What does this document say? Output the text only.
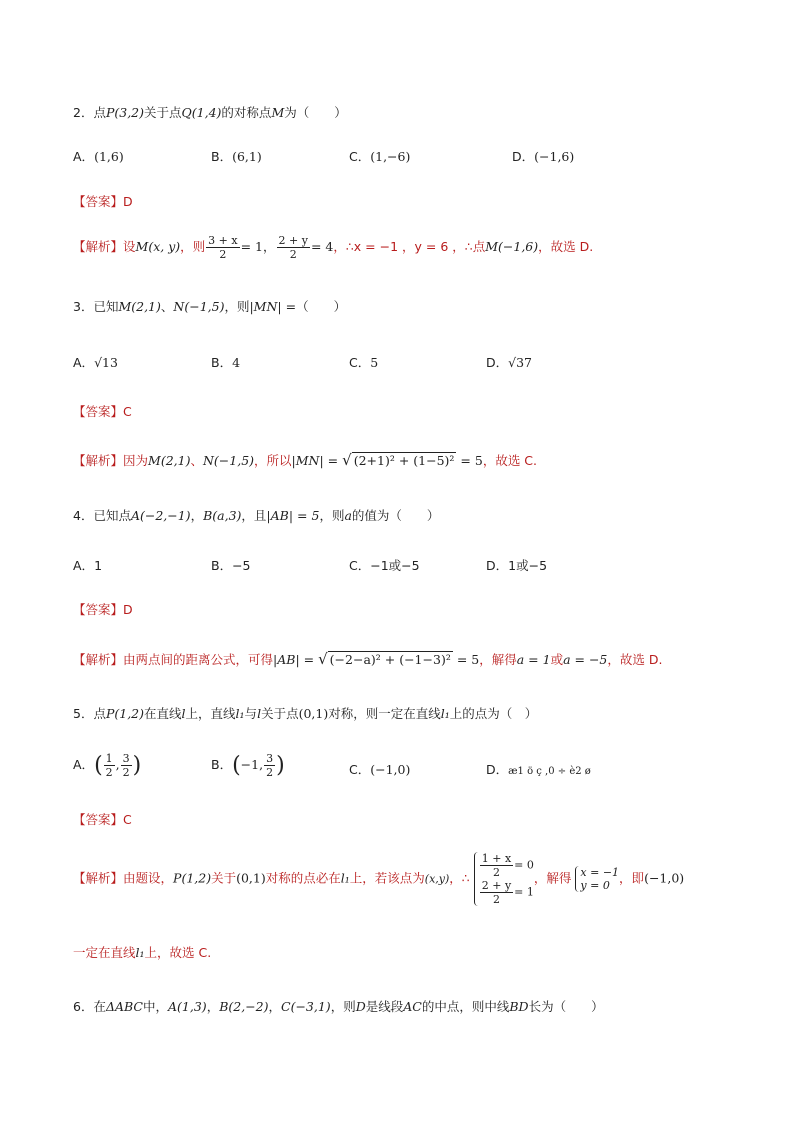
2．点P(3,2)关于点Q(1,4)的对称点M为（　　）
A．(1,6)	B．(6,1)	C．(1,−6)	D．(−1,6)
【答案】D
【解析】设M(x, y)，则 $\frac{3 + x}{2} = 1$， $\frac{2 + y}{2} = 4$，∴x = −1 ，y = 6 ，∴点M(−1,6)，故选 D.
3．已知M(2,1)、N(−1,5)，则|MN| =（　　）
A．√13	B．4	C．5	D．√37
【答案】C
【解析】因为M(2,1)、N(−1,5)，所以|MN| = √ (2+1)² + (1−5)² = 5，故选 C.
4．已知点A(−2,−1)，B(a,3)，且|AB| = 5，则a的值为（　　）
A．1	B．−5	C．−1或−5	D．1或−5
【答案】D
【解析】由两点间的距离公式，可得|AB| = √ (−2−a)² + (−1−3)² = 5，解得a = 1或a = −5，故选 D.
5．点P(1,2)在直线l上，直线l₁与l关于点(0,1)对称，则一定在直线l₁上的点为（　）
A．( $\frac{1}{2}$ , $\frac{3}{2}$ )	B．(−1, $\frac{3}{2}$ )	C．(−1,0)	D．æ1 ö ç ,0 ÷ è2 ø
【答案】C
【解析】由题设，P(1,2)关于(0,1)对称的点必在l₁上，若该点为(x,y)，∴ $\frac{1 + x}{2} = 0$
$\frac{2 + y}{2} = 1$
，解得 x = −1
y = 0 ，即(−1,0)
一定在直线l₁上，故选 C.
6．在ΔABC中，A(1,3)，B(2,−2)，C(−3,1)，则D是线段AC的中点，则中线BD长为（　　）
